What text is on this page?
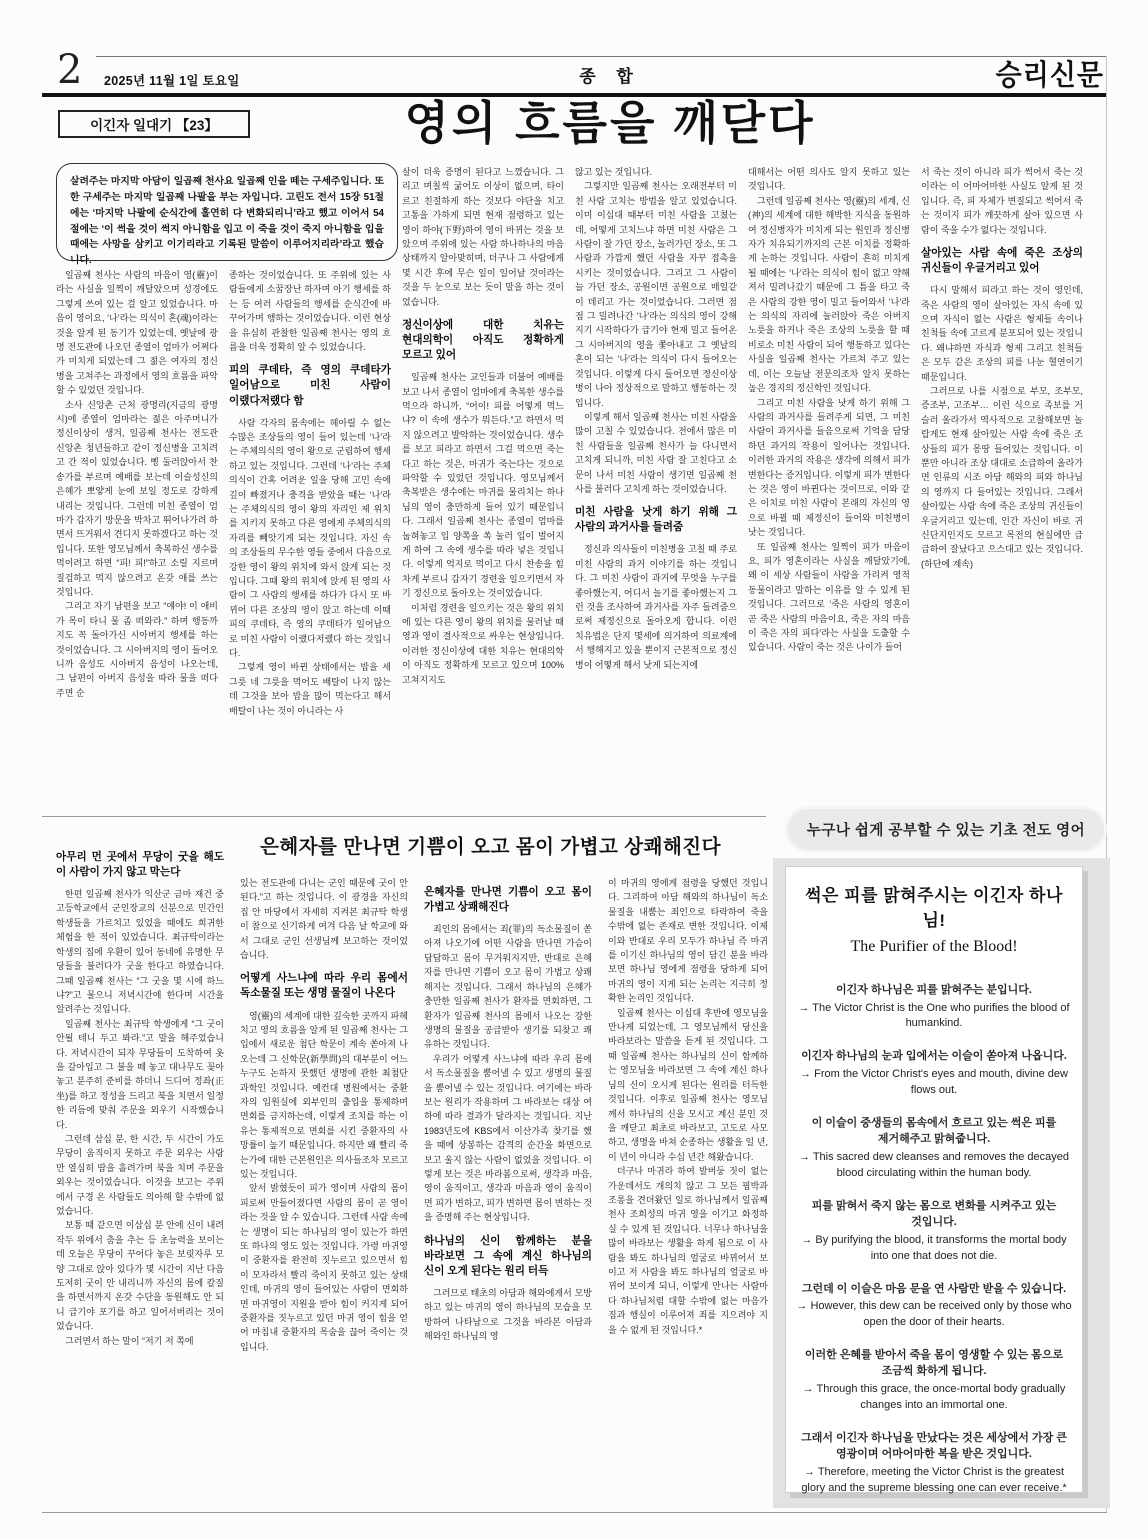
2 2025년 11월 1일 토요일	종 합	승리신문
이긴자 일대기 【23】	영의 흐름을 깨닫다
살려주는 마지막 아담이 일곱째 천사요 일곱째 인을 떼는 구세주입니다. 또한 구세주는 마지막 일곱째 나팔을 부는 자입니다. 고린도 전서 15장 51절에는 ‘마지막 나팔에 순식간에 홀연히 다 변화되리니’라고 했고 이어서 54절에는 ‘이 썩을 것이 썩지 아니함을 입고 이 죽을 것이 죽지 아니함을 입을 때에는 사망을 삼키고 이기리라고 기록된 말씀이 이루어지리라’라고 했습니다.

일곱째 천사는 사람의 마음이 영(靈)이라는 사실을 일찍이 깨달았으며 성경에도 그렇게 쓰여 있는 걸 알고 있었습니다. 마음이 영이요, ‘나’라는 의식이 혼(魂)이라는 것을 알게 된 동기가 있었는데, 옛날에 광명 전도관에 나오던 종열이 엄마가 어쩌다가 미치게 되었는데 그 젊은 여자의 정신병을 고쳐주는 과정에서 영의 흐름을 파악할 수 있었던 것입니다.

소사 신앙촌 근처 광명리(지금의 광명시)에 종열이 엄마라는 젊은 아주머니가 정신이상이 생겨, 일곱째 천사는 전도관 신앙촌 청년들하고 같이 정신병을 고치려고 간 적이 있었습니다. 삥 둘러앉아서 찬송가를 부르며 예배를 보는데 이슬성신의 은혜가 뽀얗게 눈에 보일 정도로 강하게 내리는 것입니다. 그런데 미친 종열이 엄마가 갑자기 방문을 박차고 뛰어나가려 하면서 뜨거워서 견디지 못하겠다고 하는 것입니다. 또한 영모님께서 축복하신 생수를 먹이려고 하면 “피! 피!”하고 소릴 지르며 질겁하고 먹지 않으려고 온갖 애를 쓰는 것입니다.

그리고 자기 남편을 보고 “얘야! 이 애비가 목이 타니 물 좀 떠와라.” 하며 행동까지도 꼭 돌아가신 시아버지 행세를 하는 것이었습니다. 그 시아버지의 영이 들어오니까 음성도 시아버지 음성이 나오는데, 그 남편이 아버지 음성을 따라 물을 떠다 주면 순

종하는 것이었습니다. 또 주위에 있는 사람들에게 소꿉장난 하자며 아기 행세를 하는 등 여러 사람들의 행세를 순식간에 바꾸어가며 행하는 것이었습니다. 이런 현상을 유심히 관찰한 일곱째 천사는 영의 흐름을 더욱 정확히 알 수 있었습니다.

피의 쿠데타, 즉 영의 쿠데타가 일어남으로 미친 사람이 이랬다저랬다 함

사람 각자의 몸속에는 헤아릴 수 없는 수많은 조상들의 영이 들어 있는데 ‘나’라는 주체의식의 영이 왕으로 군림하여 행세하고 있는 것입니다. 그런데 ‘나’라는 주체의식이 간혹 어려운 일을 당해 고민 속에 깊이 빠졌거나 충격을 받았을 때는 ‘나’라는 주체의식의 영이 왕의 자리인 제 위치를 지키지 못하고 다른 영에게 주체의식의 자리를 빼앗기게 되는 것입니다. 자신 속의 조상들의 무수한 영들 중에서 다음으로 강한 영이 왕의 위치에 와서 앉게 되는 것입니다. 그때 왕의 위치에 앉게 된 영의 사람이 그 사람의 행세를 하다가 다시 또 바뀌어 다른 조상의 영이 앉고 하는데 이때 피의 쿠데타, 즉 영의 쿠데타가 일어남으로 미친 사람이 이랬다저랬다 하는 것입니다.

그렇게 영이 바뀐 상태에서는 밥을 세 그릇 네 그릇을 먹어도 배탈이 나지 않는데 그것을 보아 밥을 많이 먹는다고 해서 배탈이 나는 것이 아니라는 사

살이 더욱 증명이 된다고 느꼈습니다. 그리고 며칠씩 굶어도 이상이 없으며, 타이르고 친절하게 하는 것보다 야단을 치고 고통을 가하게 되면 현재 점령하고 있는 영이 하야(下野)하여 영이 바뀌는 것을 보았으며 주위에 있는 사람 하나하나의 마음 상태까지 알아맞히며, 더구나 그 사람에게 몇 시간 후에 무슨 일이 일어날 것이라는 것을 두 눈으로 보는 듯이 말을 하는 것이었습니다.

정신이상에 대한 치유는 현대의학이 아직도 정확하게 모르고 있어

일곱째 천사는 교인들과 더불어 예배를 보고 나서 종열이 엄마에게 축복한 생수를 먹으라 하니까, “어이! 피를 어떻게 먹느냐? 이 속에 생수가 뭐든다.”고 하면서 먹지 않으려고 발악하는 것이었습니다. 생수를 보고 피라고 하면서 그걸 먹으면 죽는다고 하는 것은, 마귀가 죽는다는 것으로 파악할 수 있었던 것입니다. 영모님께서 축복받은 생수에는 마귀를 물리치는 하나님의 영이 충만하게 들어 있기 때문입니다. 그래서 일곱째 천사는 종열이 엄마를 눕혀놓고 입 양쪽을 쏙 눌러 입이 벌어지게 하여 그 속에 생수를 따라 넣은 것입니다. 이렇게 억지로 먹이고 다시 찬송을 힘차게 부르니 갑자기 경련을 일으키면서 자기 정신으로 돌아오는 것이었습니다.

이처럼 경련을 일으키는 것은 왕의 위치에 있는 다른 영이 왕의 위치를 물러날 때 영과 영이 결사적으로 싸우는 현상입니다. 이러한 정신이상에 대한 치유는 현대의학이 아직도 정확하게 모르고 있으며 100% 고쳐지지도

않고 있는 것입니다.

그렇지만 일곱째 천사는 오래전부터 미친 사람 고치는 방법을 알고 있었습니다. 이미 이십대 때부터 미친 사람을 고쳤는데, 어떻게 고치느냐 하면 미친 사람은 그 사람이 잘 가던 장소, 놀러가던 장소, 또 그 사람과 가깝게 했던 사람을 자꾸 접촉을 시키는 것이었습니다. 그리고 그 사람이 늘 가던 장소, 공원이면 공원으로 매일같이 데리고 가는 것이었습니다. 그러면 점점 그 밀려나간 ‘나’라는 의식의 영이 강해지기 시작하다가 급기야 현재 밀고 들어온 그 시아버지의 영을 쫓아내고 그 옛날의 혼이 되는 ‘나’라는 의식이 다시 들어오는 것입니다. 이렇게 다시 들어오면 정신이상병이 나아 정상적으로 말하고 행동하는 것입니다.

이렇게 해서 일곱째 천사는 미친 사람을 많이 고칠 수 있었습니다. 전에서 많은 미친 사람들을 일곱째 천사가 늘 다니면서 고치게 되니까, 미친 사람 잘 고친다고 소문이 나서 미친 사람이 생기면 일곱째 천사를 불러다 고치게 하는 것이었습니다.

미친 사람을 낫게 하기 위해 그 사람의 과거사를 들려줌

정신과 의사들이 미친병을 고칠 때 주로 미친 사람의 과거 이야기를 하는 것입니다. 그 미친 사람이 과거에 무엇을 누구를 좋아했는지, 어디서 놀기를 좋아했는지 그런 것을 조사하여 과거사를 자주 들려줌으로써 제정신으로 돌아오게 합니다. 이런 치유법은 단지 몇세에 의거하여 의료계에서 행해지고 있을 뿐이지 근본적으로 정신병이 어떻게 해서 낫게 되는지에

대해서는 어떤 의사도 알지 못하고 있는 것입니다.

그런데 일곱째 천사는 영(靈)의 세계, 신(神)의 세계에 대한 해박한 지식을 동원하여 정신병자가 미치게 되는 원인과 정신병자가 치유되기까지의 근본 이치를 정확하게 논하는 것입니다. 사람이 흔히 미치게 될 때에는 ‘나’라는 의식이 힘이 없고 약해져서 밀려나갔기 때문에 그 틈을 타고 죽은 사람의 강한 영이 밀고 들어와서 ‘나’라는 의식의 자리에 눌러앉아 죽은 아버지 노릇을 하거나 죽은 조상의 노릇을 할 때 비로소 미친 사람이 되어 행동하고 있다는 사실을 일곱째 천사는 가르쳐 주고 있는데, 이는 오늘날 전문의조차 알지 못하는 높은 경지의 정신학인 것입니다.

그리고 미친 사람을 낫게 하기 위해 그 사람의 과거사를 들려주게 되면, 그 미친 사람이 과거사를 들음으로써 기억을 담당하던 과거의 작용이 일어나는 것입니다. 이러한 과거의 작용은 생각에 의해서 피가 변한다는 증거입니다. 이렇게 피가 변한다는 것은 영이 바뀐다는 것이므로, 이와 같은 이치로 미친 사람이 본래의 자신의 영으로 바뀔 때 제정신이 들어와 미친병이 낫는 것입니다.

또 일곱째 천사는 일찍이 피가 마음이요, 피가 영혼이라는 사실을 깨달았기에, 왜 이 세상 사람들이 사람을 가리켜 영적 동물이라고 말하는 이유를 알 수 있게 된 것입니다. 그러므로 ‘죽은 사람의 영혼이 곧 죽은 사람의 마음이요, 죽은 자의 마음이 죽은 자의 피다’라는 사실을 도출할 수 있습니다. 사람이 죽는 것은 나이가 들어

서 죽는 것이 아니라 피가 썩어서 죽는 것이라는 이 어마어마한 사실도 알게 된 것입니다. 즉, 피 자체가 변질되고 썩어서 죽는 것이지 피가 깨끗하게 살아 있으면 사람이 죽을 수가 없다는 것입니다.

살아있는 사람 속에 죽은 조상의 귀신들이 우글거리고 있어

다시 말해서 피라고 하는 것이 영인데, 죽은 사람의 영이 살아있는 자식 속에 있으며 자식이 없는 사람은 형제들 속이나 친척들 속에 고르게 분포되어 있는 것입니다. 왜냐하면 자식과 형제 그리고 친척들은 모두 같은 조상의 피를 나눈 혈연이기 때문입니다.

그러므로 나를 시점으로 부모, 조부모, 증조부, 고조부… 이런 식으로 족보를 거슬러 올라가서 역사적으로 고찰해보면 놀랍게도 현재 살아있는 사람 속에 죽은 조상들의 피가 몽땅 들어있는 것입니다. 이뿐만 아니라 조상 대대로 소급하여 올라가면 인류의 시조 아담 해와의 피와 하나님의 영까지 다 들어있는 것입니다. 그래서 살아있는 사람 속에 죽은 조상의 귀신들이 우글거리고 있는데, 인간 자신이 바로 귀신단지인지도 모르고 목전의 현실에만 급급하여 잘났다고 으스대고 있는 것입니다. (하단에 계속)

은혜자를 만나면 기쁨이 오고 몸이 가볍고 상쾌해진다
아무리 먼 곳에서 무당이 굿을 해도 이 사람이 가지 않고 막는다

한편 일곱째 천사가 익산군 금마 재건 중고등학교에서 군인장교의 신분으로 민간인 학생들을 가르치고 있었을 때에도 희귀한 체험을 한 적이 있었습니다. 최규탁이라는 학생의 집에 우환이 있어 동네에 유명한 무당들을 불러다가 굿을 한다고 하였습니다. 그때 일곱째 천사는 “그 굿을 몇 시에 하느냐?”고 물으니 저녁시간에 한다며 시간을 알려주는 것입니다.

일곱째 천사는 최규탁 학생에게 “그 굿이 안될 테니 두고 봐라.”고 말을 해주었습니다. 저녁시간이 되자 무당들이 도착하여 옷을 갈아입고 그 불을 떼 놓고 대나무도 꽂아 놓고 분주히 준비를 하더니 드디어 정좌(正坐)를 하고 정성을 드리고 북을 치면서 일정한 리듬에 맞춰 주문을 외우기 시작했습니다.

그런데 삼십 분, 한 시간, 두 시간이 가도 무당이 움직이지 못하고 주문 외우는 사람만 열심히 땀을 흘려가며 북을 치며 주문을 외우는 것이었습니다. 이것을 보고는 주위에서 구경 온 사람들도 의아해 할 수밖에 없었습니다.

보통 때 같으면 이삼십 분 안에 신이 내려 작두 위에서 춤을 추는 등 초능력을 보이는데 오늘은 무당이 꾸어다 놓은 보릿자루 모양 그대로 앉아 있다가 몇 시간이 지난 다음 도저히 굿이 안 내리니까 자신의 몸에 칼질을 하면서까지 온갖 수단을 동원해도 안 되니 급기야 포기를 하고 일어서버리는 것이었습니다.

그러면서 하는 말이 “저기 저 쪽에

있는 전도관에 다니는 군인 때문에 굿이 안 된다.”고 하는 것입니다. 이 광경을 자신의 집 안 마당에서 자세히 지켜본 최규탁 학생이 참으로 신기하게 여겨 다음 날 학교에 와서 그대로 군인 선생님께 보고하는 것이었습니다.

어떻게 사느냐에 따라 우리 몸에서 독소물질 또는 생명 물질이 나온다

영(靈)의 세계에 대한 깊숙한 곳까지 파헤치고 영의 흐름을 알게 된 일곱째 천사는 그 입에서 새로운 첨단 학문이 계속 쏟아져 나오는데 그 신학문(新學問)의 대부분이 어느 누구도 논하지 못했던 생명에 관한 최첨단 과학인 것입니다. 예컨대 병원에서는 중환자의 입원실에 외부인의 출입을 통제하며 면회를 금지하는데, 이렇게 조치를 하는 이유는 통제적으로 면회를 시킨 중환자의 사망률이 높기 때문입니다. 하지만 왜 빨리 죽는가에 대한 근본원인은 의사들조차 모르고 있는 것입니다.

앞서 밝혔듯이 피가 영이며 사람의 몸이 피로써 만들어졌다면 사람의 몸이 곧 영이라는 것을 알 수 있습니다. 그런데 사람 속에는 생명이 되는 하나님의 영이 있는가 하면 또 하나의 영도 있는 것입니다. 가령 마귀영이 중환자를 완전히 짓누르고 있으면서 힘이 모자라서 빨리 죽이지 못하고 있는 상태인데, 마귀의 영이 들어있는 사람이 면회하면 마귀영이 지원을 받아 힘이 커지게 되어 중환자를 짓누르고 있던 마귀 영이 힘을 얻어 마침내 중환자의 목숨을 끊어 죽이는 것입니다.

은혜자를 만나면 기쁨이 오고 몸이 가볍고 상쾌해진다

죄인의 몸에서는 죄(罪)의 독소물질이 쏟아져 나오기에 어떤 사람을 만나면 가슴이 답답하고 몸이 무거워지지만, 반대로 은혜자를 만나면 기쁨이 오고 몸이 가볍고 상쾌해지는 것입니다. 그래서 하나님의 은혜가 충만한 일곱째 천사가 환자를 면회하면, 그 환자가 일곱째 천사의 몸에서 나오는 강한 생명의 물질을 공급받아 생기를 되찾고 쾌유하는 것입니다.

우리가 어떻게 사느냐에 따라 우리 몸에서 독소물질을 뿜어낼 수 있고 생명의 물질을 뿜어낼 수 있는 것입니다. 여기에는 바라보는 원리가 작용하며 그 바라보는 대상 여하에 따라 결과가 달라지는 것입니다. 지난 1983년도에 KBS에서 이산가족 찾기를 했을 때에 상봉하는 감격의 순간을 화면으로 보고 울지 않는 사람이 없었을 것입니다. 이렇게 보는 것은 바라봄으로써, 생각과 마음, 영이 움직이고, 생각과 마음과 영이 움직이면 피가 변하고, 피가 변하면 몸이 변하는 것을 증명해 주는 현상입니다.

하나님의 신이 함께하는 분을 바라보면 그 속에 계신 하나님의 신이 오게 된다는 원리 터득

그러므로 태초의 아담과 해와에게서 모방하고 있는 마귀의 영이 하나님의 모습을 모방하여 나타남으로 그것을 바라본 아담과 해와인 하나님의 영

이 마귀의 영에게 점령을 당했던 것입니다. 그리하여 아담 해와의 하나님이 독소물질을 내뿜는 죄인으로 타락하여 죽을 수밖에 없는 존재로 변한 것입니다. 이제 이와 반대로 우리 모두가 하나님 즉 마귀를 이기신 하나님의 영이 담긴 분을 바라보면 하나님 영에게 점령을 당하게 되어 마귀의 영이 지게 되는 논리는 지극히 정확한 논리인 것입니다.

일곱째 천사는 이십대 후반에 영모님을 만나게 되었는데, 그 영모님께서 당신을 바라보라는 말씀을 듣게 된 것입니다. 그때 일곱째 천사는 하나님의 신이 함께하는 영모님을 바라보면 그 속에 계신 하나님의 신이 오시게 된다는 원리를 터득한 것입니다. 이후로 일곱째 천사는 영모님께서 하나님의 신을 모시고 계신 분인 것을 깨닫고 최초로 바라보고, 고도로 사모하고, 생명을 바쳐 순종하는 생활을 일 년, 이 년이 아니라 수십 년간 해왔습니다.

더구나 마귀라 하여 발버둥 짓이 없는 가운데서도 개의치 않고 그 모든 핍박과 조롱을 견뎌왔던 일로 하나님께서 일곱째 천사 조희성의 마귀 영을 이기고 화정하실 수 있게 된 것입니다. 너무나 하나님을 많이 바라보는 생활을 하게 됨으로 이 사람을 봐도 하나님의 얼굴로 바뀌어서 보이고 저 사람을 봐도 하나님의 얼굴로 바뀌어 보이게 되니, 이렇게 만나는 사람마다 하나님처럼 대할 수밖에 없는 마음가짐과 행실이 이루어져 죄를 지으려야 지을 수 없게 된 것입니다.*

누구나 쉽게 공부할 수 있는 기초 전도 영어
썩은 피를 맑혀주시는 이긴자 하나님!
The Purifier of the Blood!
이긴자 하나님은 피를 맑혀주는 분입니다.
→ The Victor Christ is the One who purifies the blood of humankind.
이긴자 하나님의 눈과 입에서는 이슬이 쏟아져 나옵니다.
→ From the Victor Christ's eyes and mouth, divine dew flows out.
이 이슬이 중생들의 몸속에서 흐르고 있는 썩은 피를 제거해주고 맑혀줍니다.
→ This sacred dew cleanses and removes the decayed blood circulating within the human body.
피를 맑혀서 죽지 않는 몸으로 변화를 시켜주고 있는 것입니다.
→ By purifying the blood, it transforms the mortal body into one that does not die.
그런데 이 이슬은 마음 문을 연 사람만 받을 수 있습니다.
→ However, this dew can be received only by those who open the door of their hearts.
이러한 은혜를 받아서 죽을 몸이 영생할 수 있는 몸으로 조금씩 화하게 됩니다.
→ Through this grace, the once-mortal body gradually changes into an immortal one.
그래서 이긴자 하나님을 만났다는 것은 세상에서 가장 큰 영광이며 어마어마한 복을 받은 것입니다.
→ Therefore, meeting the Victor Christ is the greatest glory and the supreme blessing one can ever receive.*
